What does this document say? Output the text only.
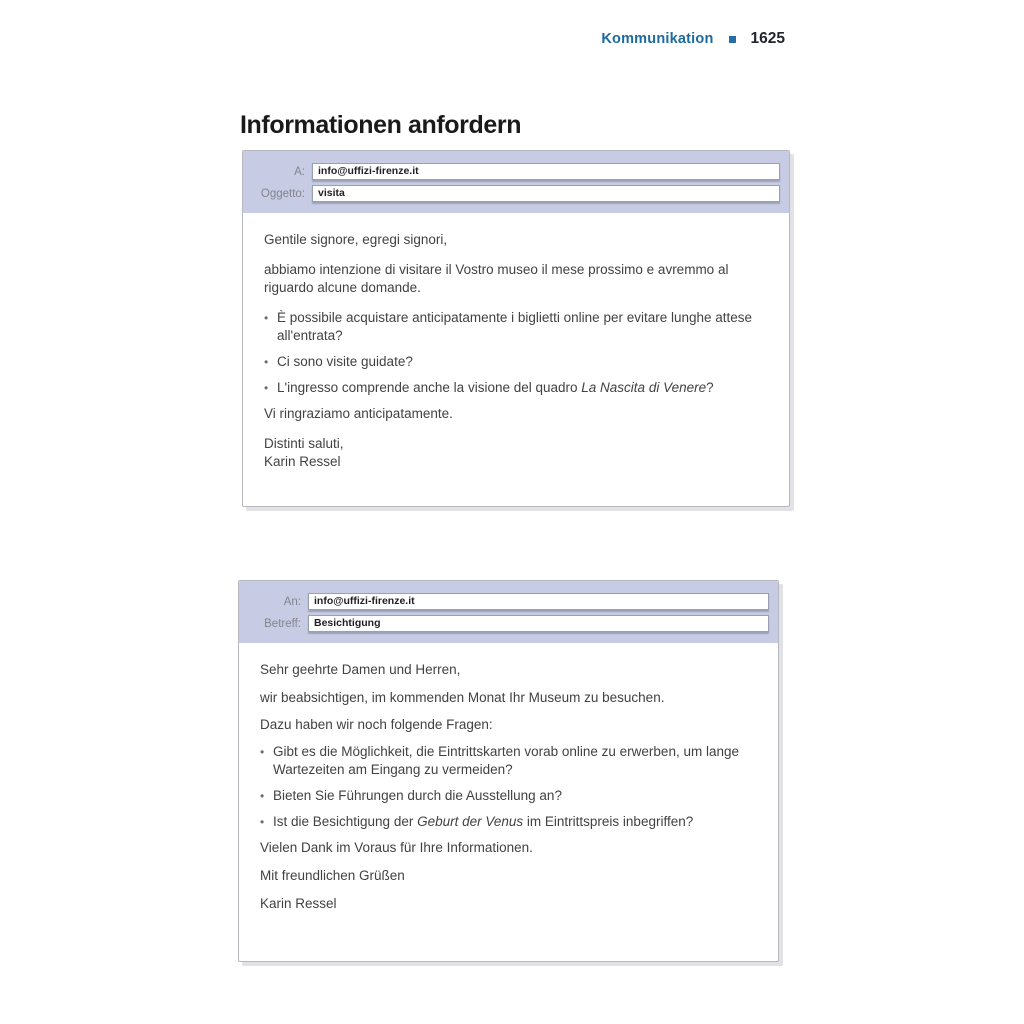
Kommunikation 1625
Informationen anfordern
A:	info@uffizi-firenze.it
Oggetto:	visita

Gentile signore, egregi signori,

abbiamo intenzione di visitare il Vostro museo il mese prossimo e avremmo al riguardo alcune domande.

• È possibile acquistare anticipatamente i biglietti online per evitare lunghe attese all'entrata?
• Ci sono visite guidate?
• L'ingresso comprende anche la visione del quadro La Nascita di Venere?

Vi ringraziamo anticipatamente.

Distinti saluti,
Karin Ressel
An:	info@uffizi-firenze.it
Betreff:	Besichtigung

Sehr geehrte Damen und Herren,

wir beabsichtigen, im kommenden Monat Ihr Museum zu besuchen.

Dazu haben wir noch folgende Fragen:

• Gibt es die Möglichkeit, die Eintrittskarten vorab online zu erwerben, um lange Wartezeiten am Eingang zu vermeiden?
• Bieten Sie Führungen durch die Ausstellung an?
• Ist die Besichtigung der Geburt der Venus im Eintrittspreis inbegriffen?

Vielen Dank im Voraus für Ihre Informationen.

Mit freundlichen Grüßen

Karin Ressel
